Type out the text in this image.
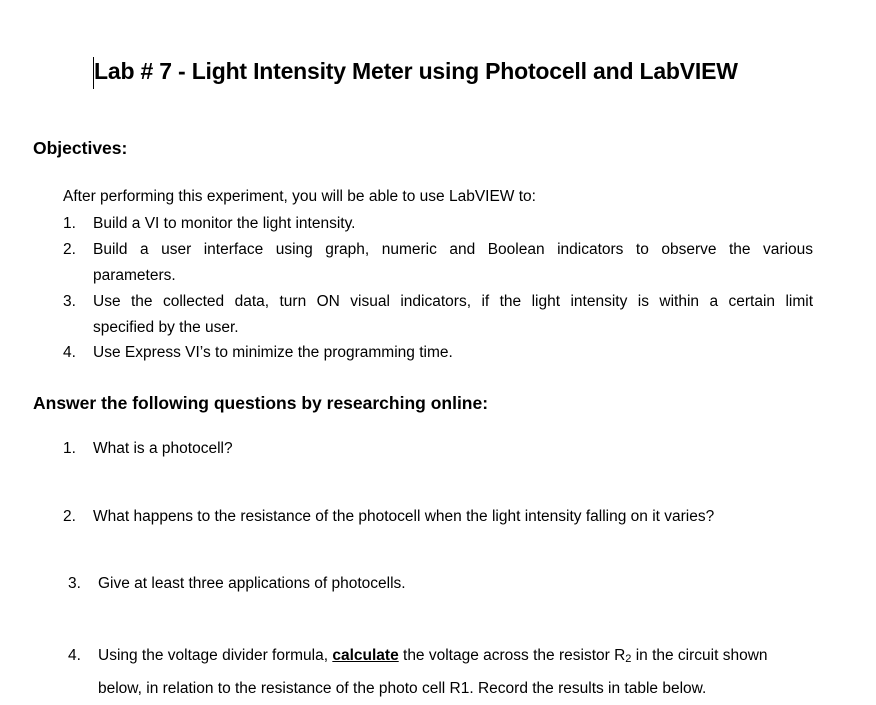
Lab # 7 - Light Intensity Meter using Photocell and LabVIEW
Objectives:
After performing this experiment, you will be able to use LabVIEW to:
1. Build a VI to monitor the light intensity.
2. Build a user interface using graph, numeric and Boolean indicators to observe the various
parameters.
3. Use the collected data, turn ON visual indicators, if the light intensity is within a certain limit
specified by the user.
4. Use Express VI’s to minimize the programming time.
Answer the following questions by researching online:
1. What is a photocell?
2. What happens to the resistance of the photocell when the light intensity falling on it varies?
3. Give at least three applications of photocells.
4. Using the voltage divider formula, calculate the voltage across the resistor $R_2$ in the circuit shown
below, in relation to the resistance of the photo cell R1. Record the results in table below.
